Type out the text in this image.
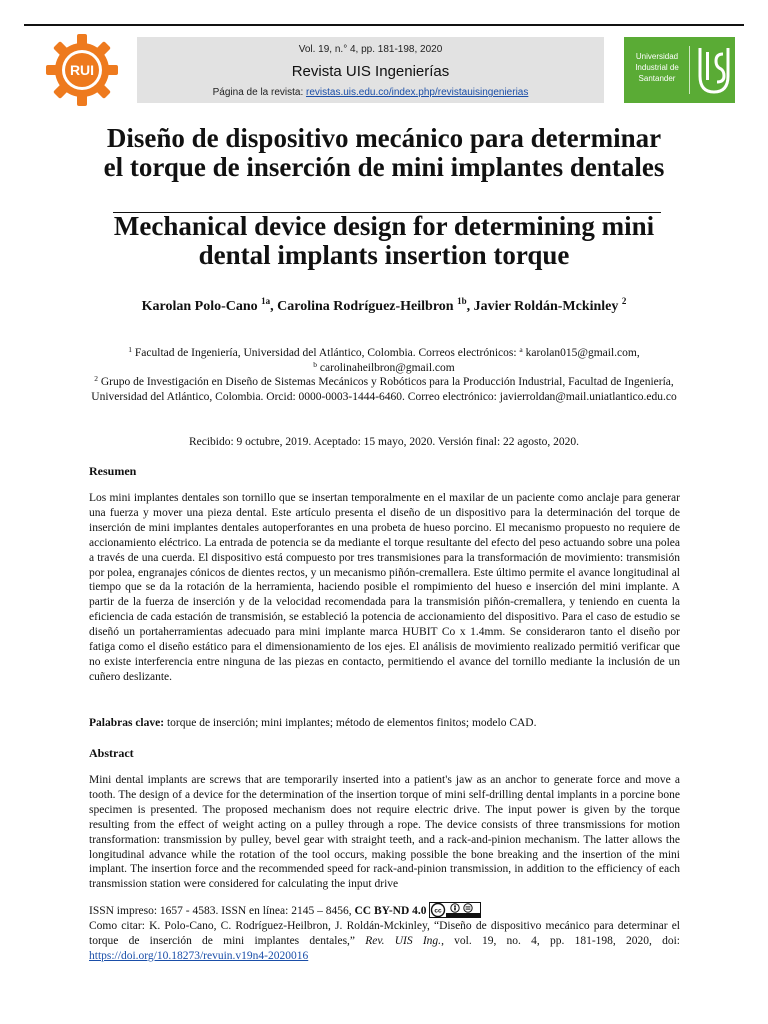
RUI
Vol. 19, n.° 4, pp. 181-198, 2020
Revista UIS Ingenierías
Página de la revista: revistas.uis.edu.co/index.php/revistauisingenierias
Universidad Industrial de Santander
Diseño de dispositivo mecánico para determinar el torque de inserción de mini implantes dentales
Mechanical device design for determining mini dental implants insertion torque
Karolan Polo-Cano $^{1a}$, Carolina Rodríguez-Heilbron $^{1b}$, Javier Roldán-Mckinley $^2$
$^1$ Facultad de Ingeniería, Universidad del Atlántico, Colombia. Correos electrónicos: $^a$ karolan015@gmail.com,
$^b$ carolinaheilbron@gmail.com
$^2$ Grupo de Investigación en Diseño de Sistemas Mecánicos y Robóticos para la Producción Industrial, Facultad de Ingeniería, Universidad del Atlántico, Colombia. Orcid: 0000-0003-1444-6460. Correo electrónico: javierroldan@mail.uniatlantico.edu.co
Recibido: 9 octubre, 2019. Aceptado: 15 mayo, 2020. Versión final: 22 agosto, 2020.
Resumen
Los mini implantes dentales son tornillo que se insertan temporalmente en el maxilar de un paciente como anclaje para generar una fuerza y mover una pieza dental. Este artículo presenta el diseño de un dispositivo para la determinación del torque de inserción de mini implantes dentales autoperforantes en una probeta de hueso porcino. El mecanismo propuesto no requiere de accionamiento eléctrico. La entrada de potencia se da mediante el torque resultante del efecto del peso actuando sobre una polea a través de una cuerda. El dispositivo está compuesto por tres transmisiones para la transformación de movimiento: transmisión por polea, engranajes cónicos de dientes rectos, y un mecanismo piñón-cremallera. Este último permite el avance longitudinal al tiempo que se da la rotación de la herramienta, haciendo posible el rompimiento del hueso e inserción del mini implante. A partir de la fuerza de inserción y de la velocidad recomendada para la transmisión piñón-cremallera, y teniendo en cuenta la eficiencia de cada estación de transmisión, se estableció la potencia de accionamiento del dispositivo. Para el caso de estudio se diseñó un portaherramientas adecuado para mini implante marca HUBIT Co x 1.4mm. Se consideraron tanto el diseño por fatiga como el diseño estático para el dimensionamiento de los ejes. El análisis de movimiento realizado permitió verificar que no existe interferencia entre ninguna de las piezas en contacto, permitiendo el avance del tornillo mediante la inclusión de un cuñero deslizante.
Palabras clave: torque de inserción; mini implantes; método de elementos finitos; modelo CAD.
Abstract
Mini dental implants are screws that are temporarily inserted into a patient's jaw as an anchor to generate force and move a tooth. The design of a device for the determination of the insertion torque of mini self-drilling dental implants in a porcine bone specimen is presented. The proposed mechanism does not require electric drive. The input power is given by the torque resulting from the effect of weight acting on a pulley through a rope. The device consists of three transmissions for motion transformation: transmission by pulley, bevel gear with straight teeth, and a rack-and-pinion mechanism. The latter allows the longitudinal advance while the rotation of the tool occurs, making possible the bone breaking and the insertion of the mini implant. The insertion force and the recommended speed for rack-and-pinion transmission, in addition to the efficiency of each transmission station were considered for calculating the input drive
ISSN impreso: 1657 - 4583. ISSN en línea: 2145 – 8456, CC BY-ND 4.0 cc
Como citar: K. Polo-Cano, C. Rodríguez-Heilbron, J. Roldán-Mckinley, “Diseño de dispositivo mecánico para determinar el torque de inserción de mini implantes dentales,” Rev. UIS Ing., vol. 19, no. 4, pp. 181-198, 2020, doi: https://doi.org/10.18273/revuin.v19n4-2020016
